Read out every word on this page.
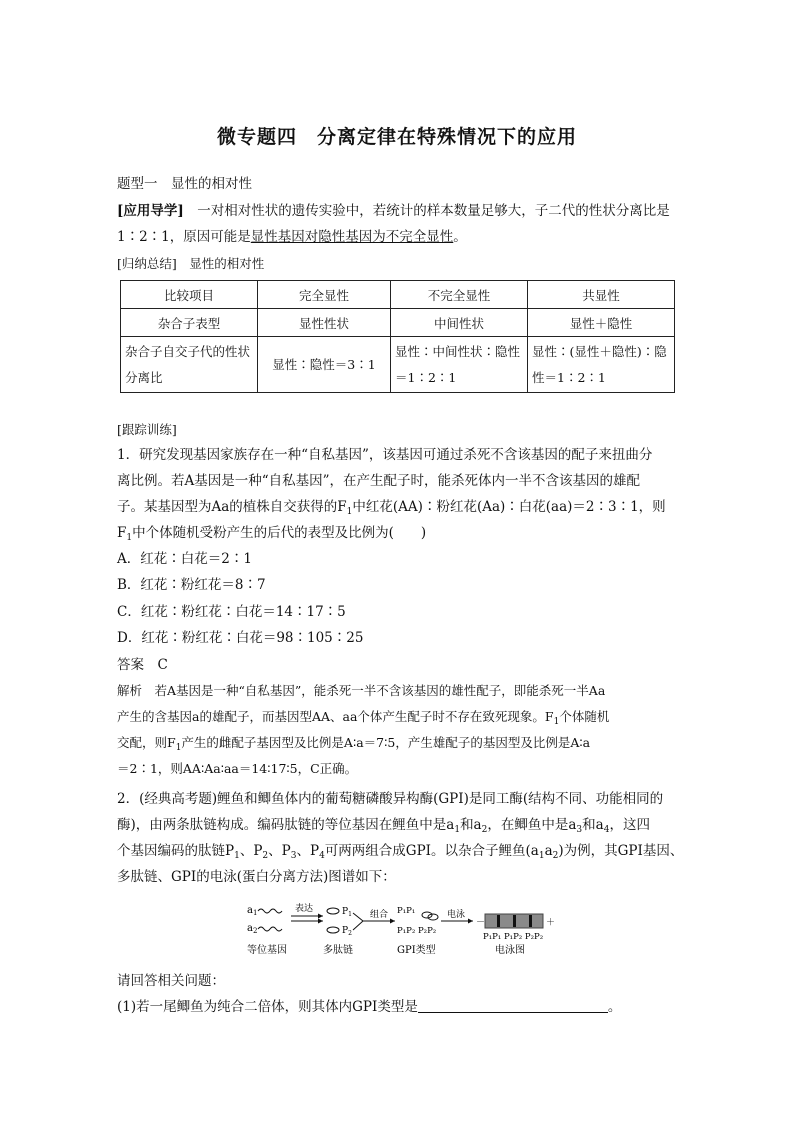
微专题四　分离定律在特殊情况下的应用
题型一　显性的相对性
[应用导学]　一对相对性状的遗传实验中，若统计的样本数量足够大，子二代的性状分离比是
1∶2∶1，原因可能是显性基因对隐性基因为不完全显性。
[归纳总结]　显性的相对性
比较项目	完全显性	不完全显性	共显性
杂合子表型	显性性状	中间性状	显性＋隐性
杂合子自交子代的性状分离比	显性∶隐性＝3∶1	显性∶中间性状∶隐性＝1∶2∶1	显性∶(显性＋隐性)∶隐性＝1∶2∶1
[跟踪训练]
1．研究发现基因家族存在一种“自私基因”，该基因可通过杀死不含该基因的配子来扭曲分
离比例。若A基因是一种“自私基因”，在产生配子时，能杀死体内一半不含该基因的雄配
子。某基因型为Aa的植株自交获得的$F_1$中红花(AA)∶粉红花(Aa)∶白花(aa)＝2∶3∶1，则
$F_1$中个体随机受粉产生的后代的表型及比例为(　　)
A．红花∶白花＝2∶1
B．红花∶粉红花＝8∶7
C．红花∶粉红花∶白花＝14∶17∶5
D．红花∶粉红花∶白花＝98∶105∶25
答案　C
解析　若A基因是一种“自私基因”，能杀死一半不含该基因的雄性配子，即能杀死一半Aa
产生的含基因a的雄配子，而基因型AA、aa个体产生配子时不存在致死现象。$F_1$个体随机
交配，则$F_1$产生的雌配子基因型及比例是A∶a＝7∶5，产生雄配子的基因型及比例是A∶a
＝2∶1，则AA∶Aa∶aa＝14∶17∶5，C正确。
2．(经典高考题)鲤鱼和鲫鱼体内的葡萄糖磷酸异构酶(GPI)是同工酶(结构不同、功能相同的
酶)，由两条肽链构成。编码肽链的等位基因在鲤鱼中是$a_1$和$a_2$，在鲫鱼中是$a_3$和$a_4$，这四
个基因编码的肽链$P_1$、$P_2$、$P_3$、$P_4$可两两组合成GPI。以杂合子鲤鱼$(a_1a_2)$为例，其GPI基因、
多肽链、GPI的电泳(蛋白分离方法)图谱如下：
$a_1$
$a_2$
表达	$P_1$
$P_2$
组合 P₁P₁
P₁P₂ P₂P₂
电泳
－	＋
P₁P₁ P₁P₂ P₂P₂
等位基因	多肽链	GPI类型	电泳图
请回答相关问题：
(1)若一尾鲫鱼为纯合二倍体，则其体内GPI类型是	。
